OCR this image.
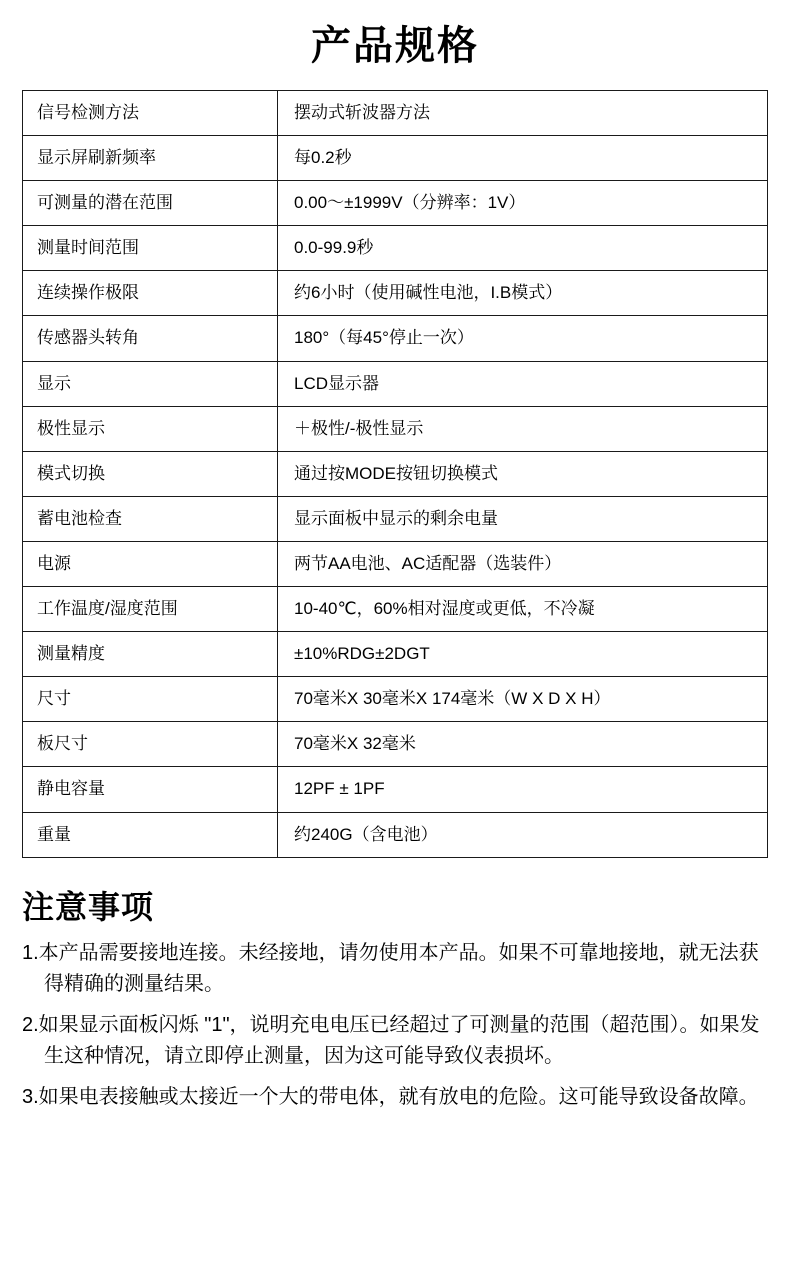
产品规格
信号检测方法	摆动式斩波器方法
显示屏刷新频率	每0.2秒
可测量的潜在范围	0.00～±1999V（分辨率：1V）
测量时间范围	0.0-99.9秒
连续操作极限	约6小时（使用碱性电池，I.B模式）
传感器头转角	180°（每45°停止一次）
显示	LCD显示器
极性显示	＋极性/-极性显示
模式切换	通过按MODE按钮切换模式
蓄电池检查	显示面板中显示的剩余电量
电源	两节AA电池、AC适配器（选装件）
工作温度/湿度范围	10-40℃，60%相对湿度或更低，不冷凝
测量精度	±10%RDG±2DGT
尺寸	70毫米X 30毫米X 174毫米（W X D X H）
板尺寸	70毫米X 32毫米
静电容量	12PF ± 1PF
重量	约240G（含电池）
注意事项
1.本产品需要接地连接。未经接地，请勿使用本产品。如果不可靠地接地，就无法获得精确的测量结果。
2.如果显示面板闪烁 "1"，说明充电电压已经超过了可测量的范围（超范围）。如果发生这种情况，请立即停止测量，因为这可能导致仪表损坏。
3.如果电表接触或太接近一个大的带电体，就有放电的危险。这可能导致设备故障。
